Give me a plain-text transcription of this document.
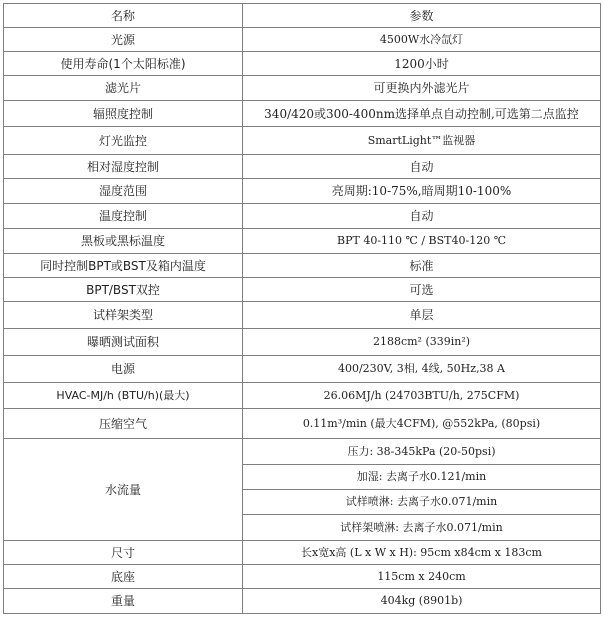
名称	参数
光源	4500W水冷氙灯
使用寿命(1个太阳标准)	1200小时
滤光片	可更换内外滤光片
辐照度控制	340/420或300-400nm选择单点自动控制,可选第二点监控
灯光监控	SmartLight™监视器
相对湿度控制	自动
湿度范围	亮周期:10-75%,暗周期10-100%
温度控制	自动
黑板或黑标温度	BPT 40-110 ℃ / BST40-120 ℃
同时控制BPT或BST及箱内温度	标准
BPT/BST双控	可选
试样架类型	单层
曝晒测试面积	2188cm² (339in²)
电源	400/230V, 3相, 4线, 50Hz,38 A
HVAC-MJ/h (BTU/h)(最大)	26.06MJ/h (24703BTU/h, 275CFM)
压缩空气	0.11m³/min (最大4CFM), @552kPa, (80psi)
水流量	压力: 38-345kPa (20-50psi)
	加湿: 去离子水0.121/min
	试样喷淋: 去离子水0.071/min
	试样架喷淋: 去离子水0.071/min
尺寸	长x宽x高 (L x W x H): 95cm x84cm x 183cm
底座	115cm x 240cm
重量	404kg (8901b)
